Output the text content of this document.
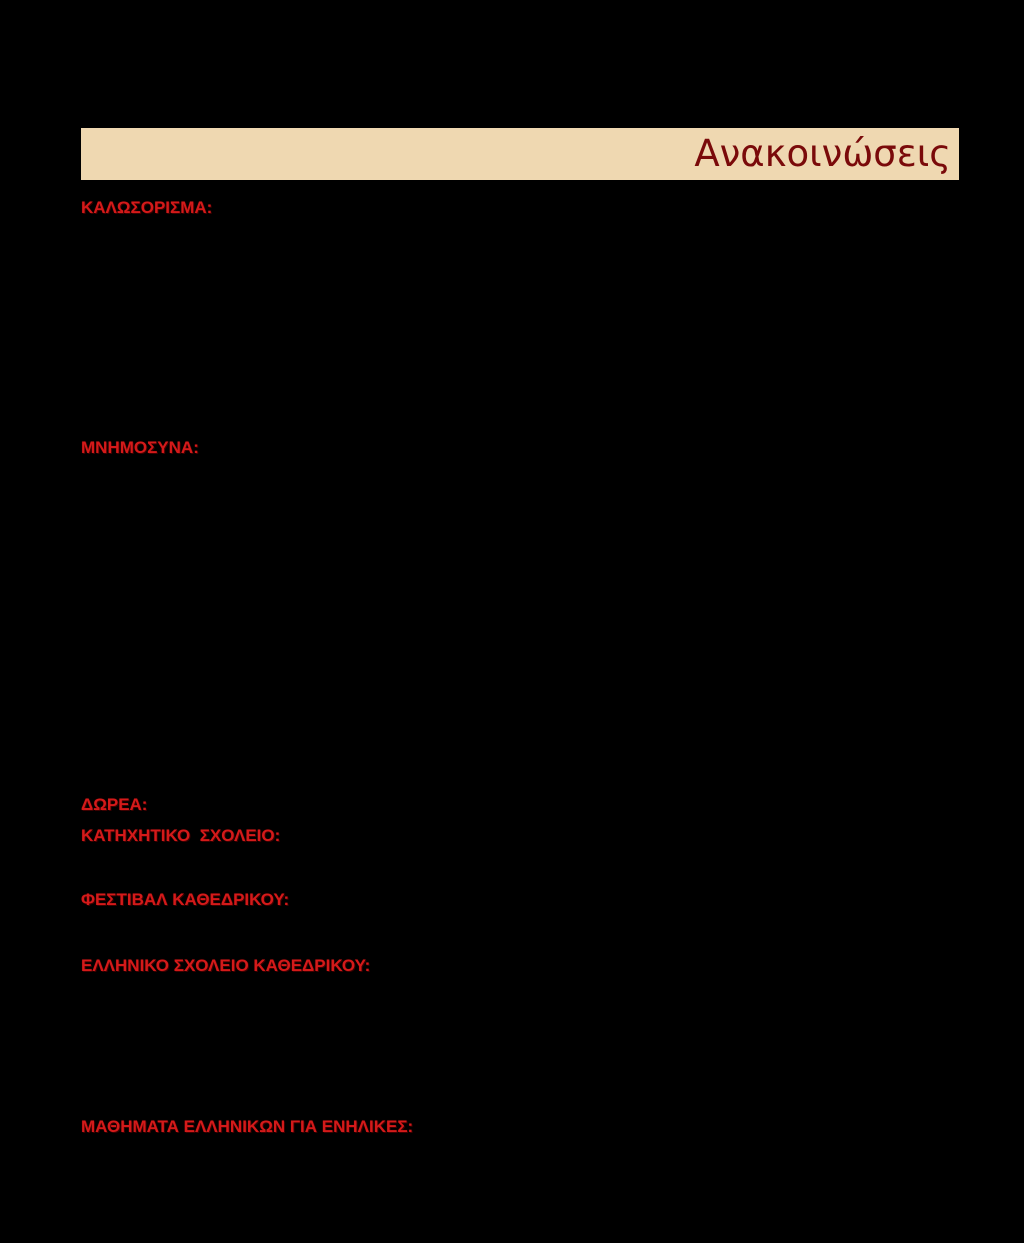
Ανακοινώσεις
ΚΑΛΩΣΟΡΙΣΜΑ:
ΜΝΗΜΟΣΥΝΑ:
ΔΩΡΕΑ:
ΚΑΤΗΧΗΤΙΚΟ  ΣΧΟΛΕΙΟ:
ΦΕΣΤΙΒΑΛ ΚΑΘΕΔΡΙΚΟΥ:
ΕΛΛΗΝΙΚΟ ΣΧΟΛΕΙΟ ΚΑΘΕΔΡΙΚΟΥ:
ΜΑΘΗΜΑΤΑ ΕΛΛΗΝΙΚΩΝ ΓΙΑ ΕΝΗΛΙΚΕΣ:
